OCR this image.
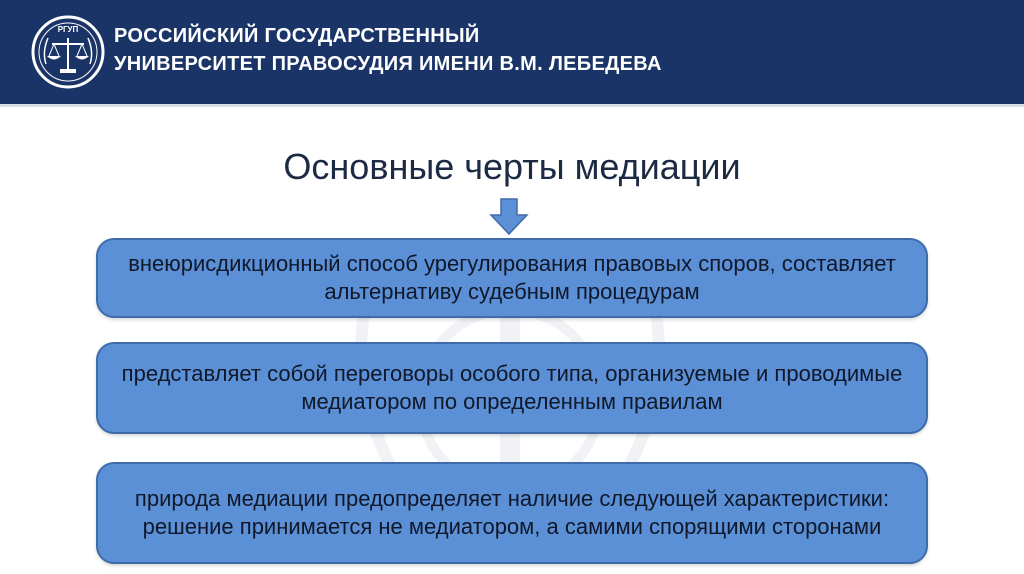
РГУП РОССИЙСКИЙ ГОСУДАРСТВЕННЫЙ
УНИВЕРСИТЕТ ПРАВОСУДИЯ ИМЕНИ В.М. ЛЕБЕДЕВА
Основные черты медиации
внеюрисдикционный способ урегулирования правовых споров, составляет альтернативу судебным процедурам
представляет собой переговоры особого типа, организуемые и проводимые медиатором по определенным правилам
природа медиации предопределяет наличие следующей характеристики: решение принимается не медиатором, а самими спорящими сторонами
